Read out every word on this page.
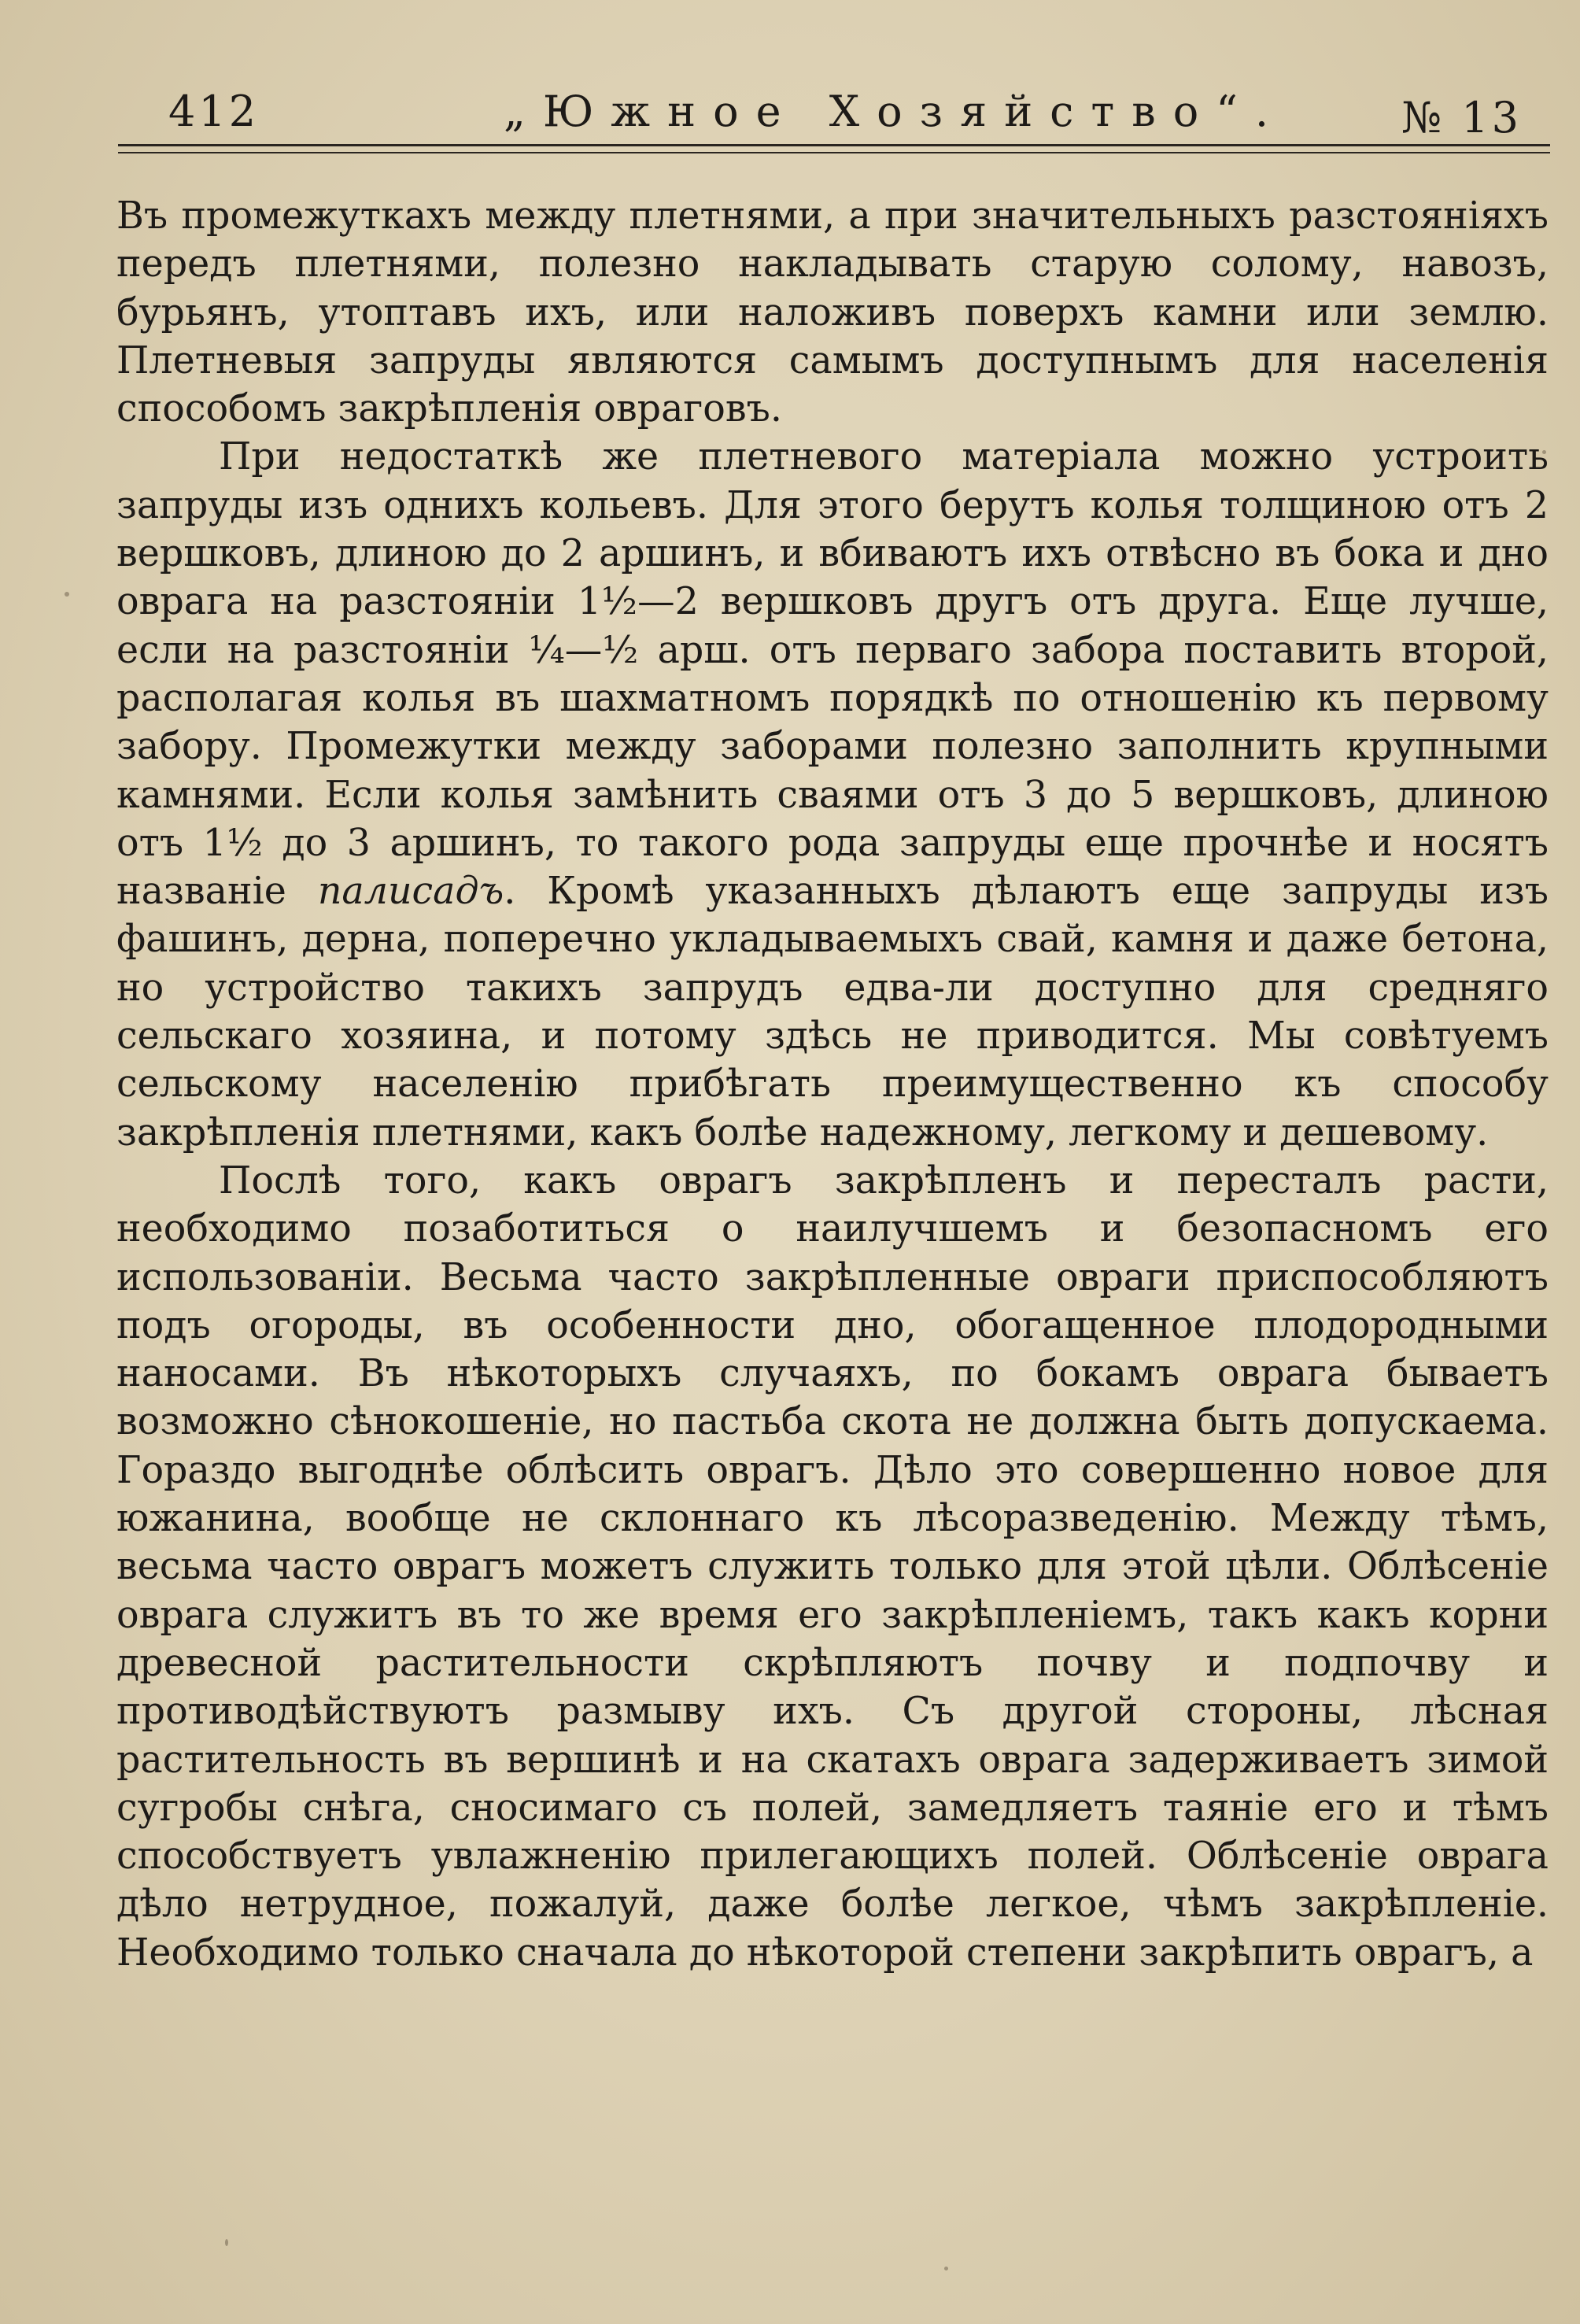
412	„Южное Хозяйство“.	№ 13

Въ промежуткахъ между плетнями, а при значительныхъ разстояніяхъ передъ плетнями, полезно накладывать старую солому, навозъ, бурьянъ, утоптавъ ихъ, или наложивъ поверхъ камни или землю. Плетневыя запруды являются самымъ доступнымъ для населенія способомъ закрѣпленія овраговъ.

При недостаткѣ же плетневого матеріала можно устроить запруды изъ однихъ кольевъ. Для этого берутъ колья толщиною отъ 2 вершковъ, длиною до 2 аршинъ, и вбиваютъ ихъ отвѣсно въ бока и дно оврага на разстояніи 1½—2 вершковъ другъ отъ друга. Еще лучше, если на разстояніи ¼—½ арш. отъ перваго забора поставить второй, располагая колья въ шахматномъ порядкѣ по отношенію къ первому забору. Промежутки между заборами полезно заполнить крупными камнями. Если колья замѣнить сваями отъ 3 до 5 вершковъ, длиною отъ 1½ до 3 аршинъ, то такого рода запруды еще прочнѣе и носятъ названіе палисадъ. Кромѣ указанныхъ дѣлаютъ еще запруды изъ фашинъ, дерна, поперечно укладываемыхъ свай, камня и даже бетона, но устройство такихъ запрудъ едва-ли доступно для средняго сельскаго хозяина, и потому здѣсь не приводится. Мы совѣтуемъ сельскому населенію прибѣгать преимущественно къ способу закрѣпленія плетнями, какъ болѣе надежному, легкому и дешевому.

Послѣ того, какъ оврагъ закрѣпленъ и пересталъ расти, необходимо позаботиться о наилучшемъ и безопасномъ его использованіи. Весьма часто закрѣпленные овраги приспособляютъ подъ огороды, въ особенности дно, обогащенное плодородными наносами. Въ нѣкоторыхъ случаяхъ, по бокамъ оврага бываетъ возможно сѣнокошеніе, но пастьба скота не должна быть допускаема. Гораздо выгоднѣе облѣсить оврагъ. Дѣло это совершенно новое для южанина, вообще не склоннаго къ лѣсоразведенію. Между тѣмъ, весьма часто оврагъ можетъ служить только для этой цѣли. Облѣсеніе оврага служитъ въ то же время его закрѣпленіемъ, такъ какъ корни древесной растительности скрѣпляютъ почву и подпочву и противодѣйствуютъ размыву ихъ. Съ другой стороны, лѣсная растительность въ вершинѣ и на скатахъ оврага задерживаетъ зимой сугробы снѣга, сносимаго съ полей, замедляетъ таяніе его и тѣмъ способствуетъ увлажненію прилегающихъ полей. Облѣсеніе оврага дѣло нетрудное, пожалуй, даже болѣе легкое, чѣмъ закрѣпленіе. Необходимо только сначала до нѣкоторой степени закрѣпить оврагъ, а
